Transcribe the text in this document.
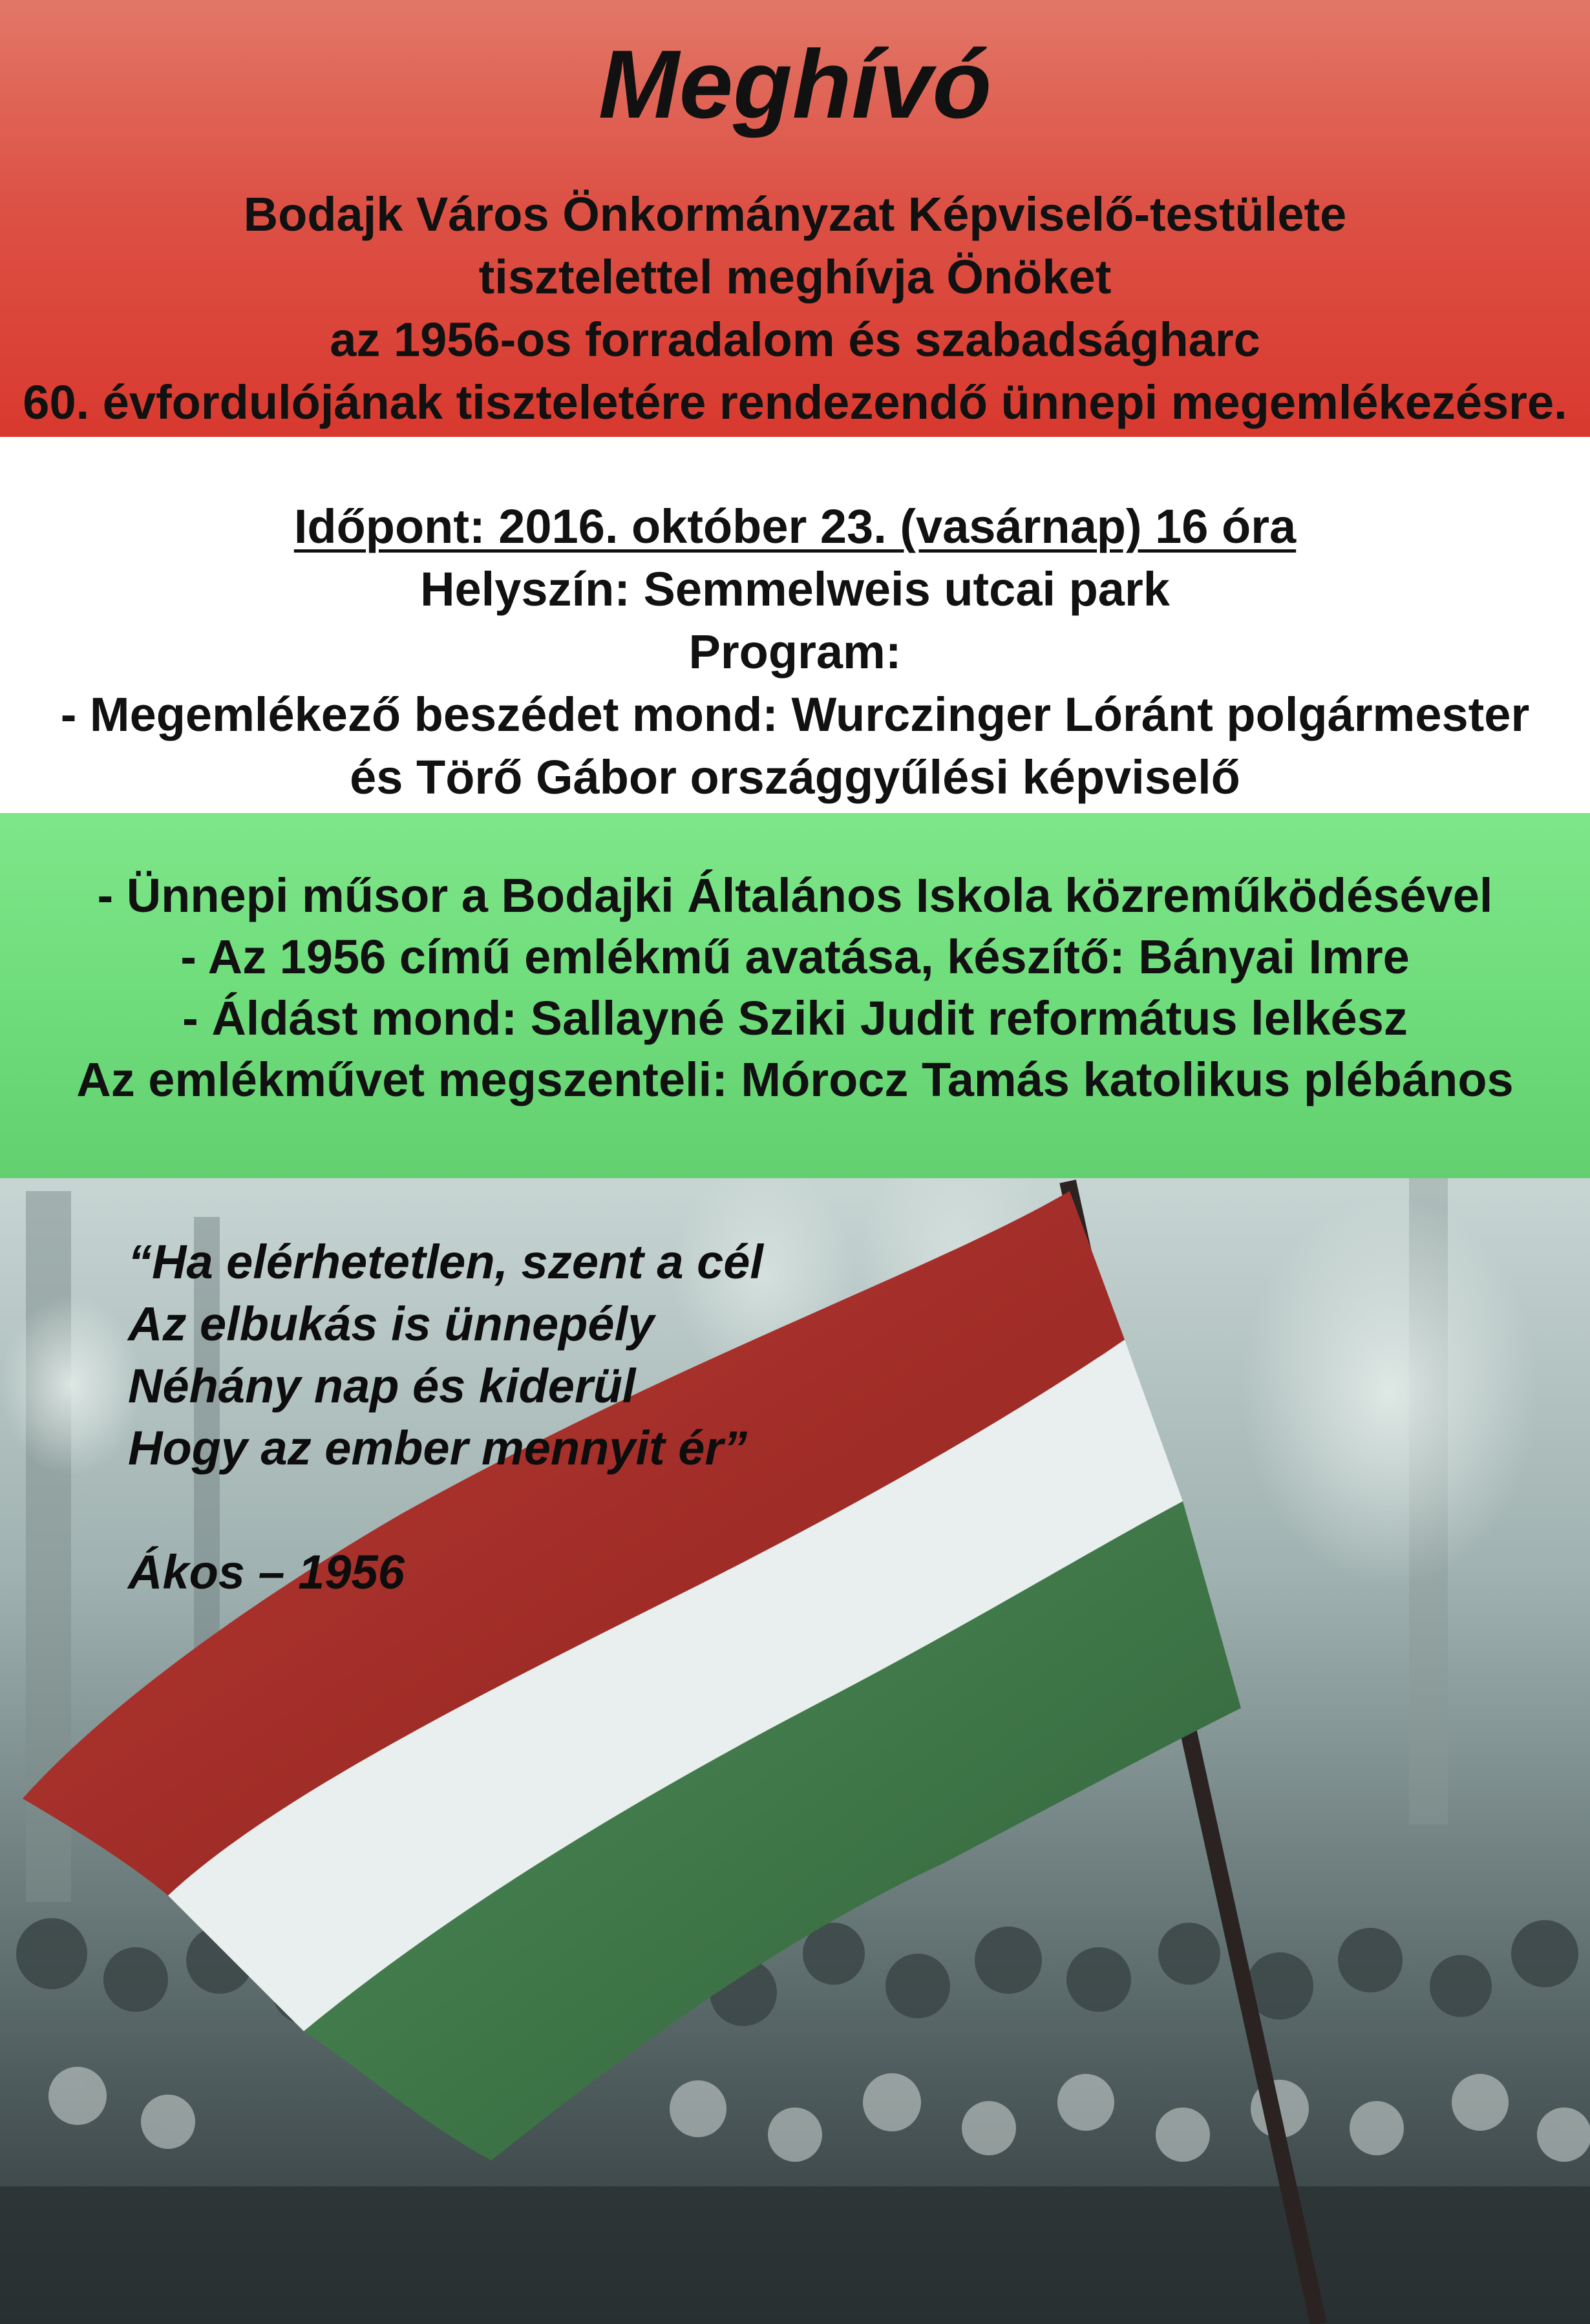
Meghívó
Bodajk Város Önkormányzat Képviselő-testülete
tisztelettel meghívja Önöket
az 1956-os forradalom és szabadságharc
60. évfordulójának tiszteletére rendezendő ünnepi megemlékezésre.
Időpont: 2016. október 23. (vasárnap) 16 óra
Helyszín: Semmelweis utcai park
Program:
- Megemlékező beszédet mond: Wurczinger Lóránt polgármester
és Törő Gábor országgyűlési képviselő
- Ünnepi műsor a Bodajki Általános Iskola közreműködésével
- Az 1956 című emlékmű avatása, készítő: Bányai Imre
- Áldást mond: Sallayné Sziki Judit református lelkész
Az emlékművet megszenteli: Mórocz Tamás katolikus plébános
“Ha elérhetetlen, szent a cél
Az elbukás is ünnepély
Néhány nap és kiderül
Hogy az ember mennyit ér”
Ákos – 1956
